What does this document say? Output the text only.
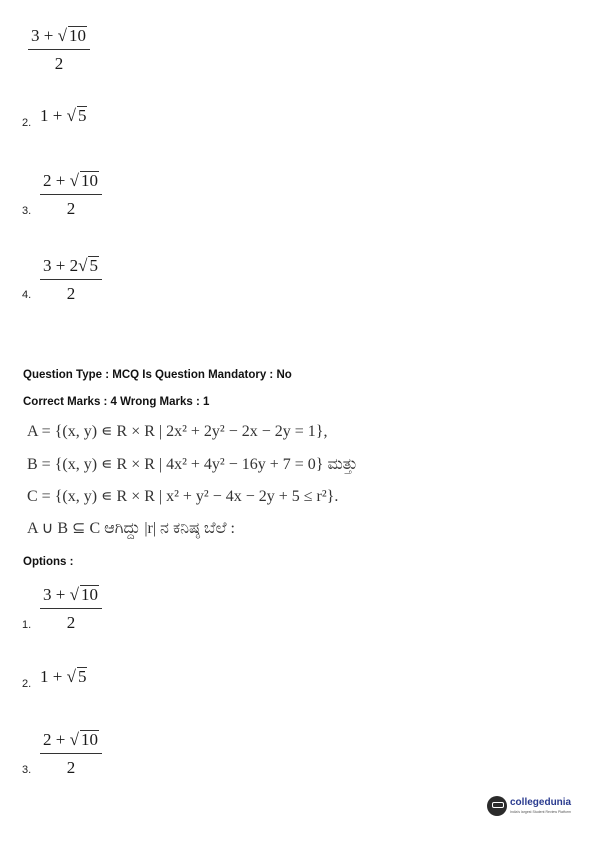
$\frac{3 + √ 10}{2}$
2. 1 + √ 5
3. $\frac{2 + √ 10}{2}$
4. $\frac{3 + 2√ 5}{2}$
Question Type : MCQ Is Question Mandatory : No
Correct Marks : 4 Wrong Marks : 1
A = {(x, y) ∊ R × R | 2x² + 2y² − 2x − 2y = 1},
B = {(x, y) ∊ R × R | 4x² + 4y² − 16y + 7 = 0} ಮತ್ತು
C = {(x, y) ∊ R × R | x² + y² − 4x − 2y + 5 ≤ r²}.
A ∪ B ⊆ C ಆಗಿದ್ದು |r| ನ ಕನಿಷ್ಠ ಬೆಲೆ :
Options :
1. $\frac{3 + √ 10}{2}$
2. 1 + √ 5
3. $\frac{2 + √ 10}{2}$
collegedunia
India's largest Student Review Platform
